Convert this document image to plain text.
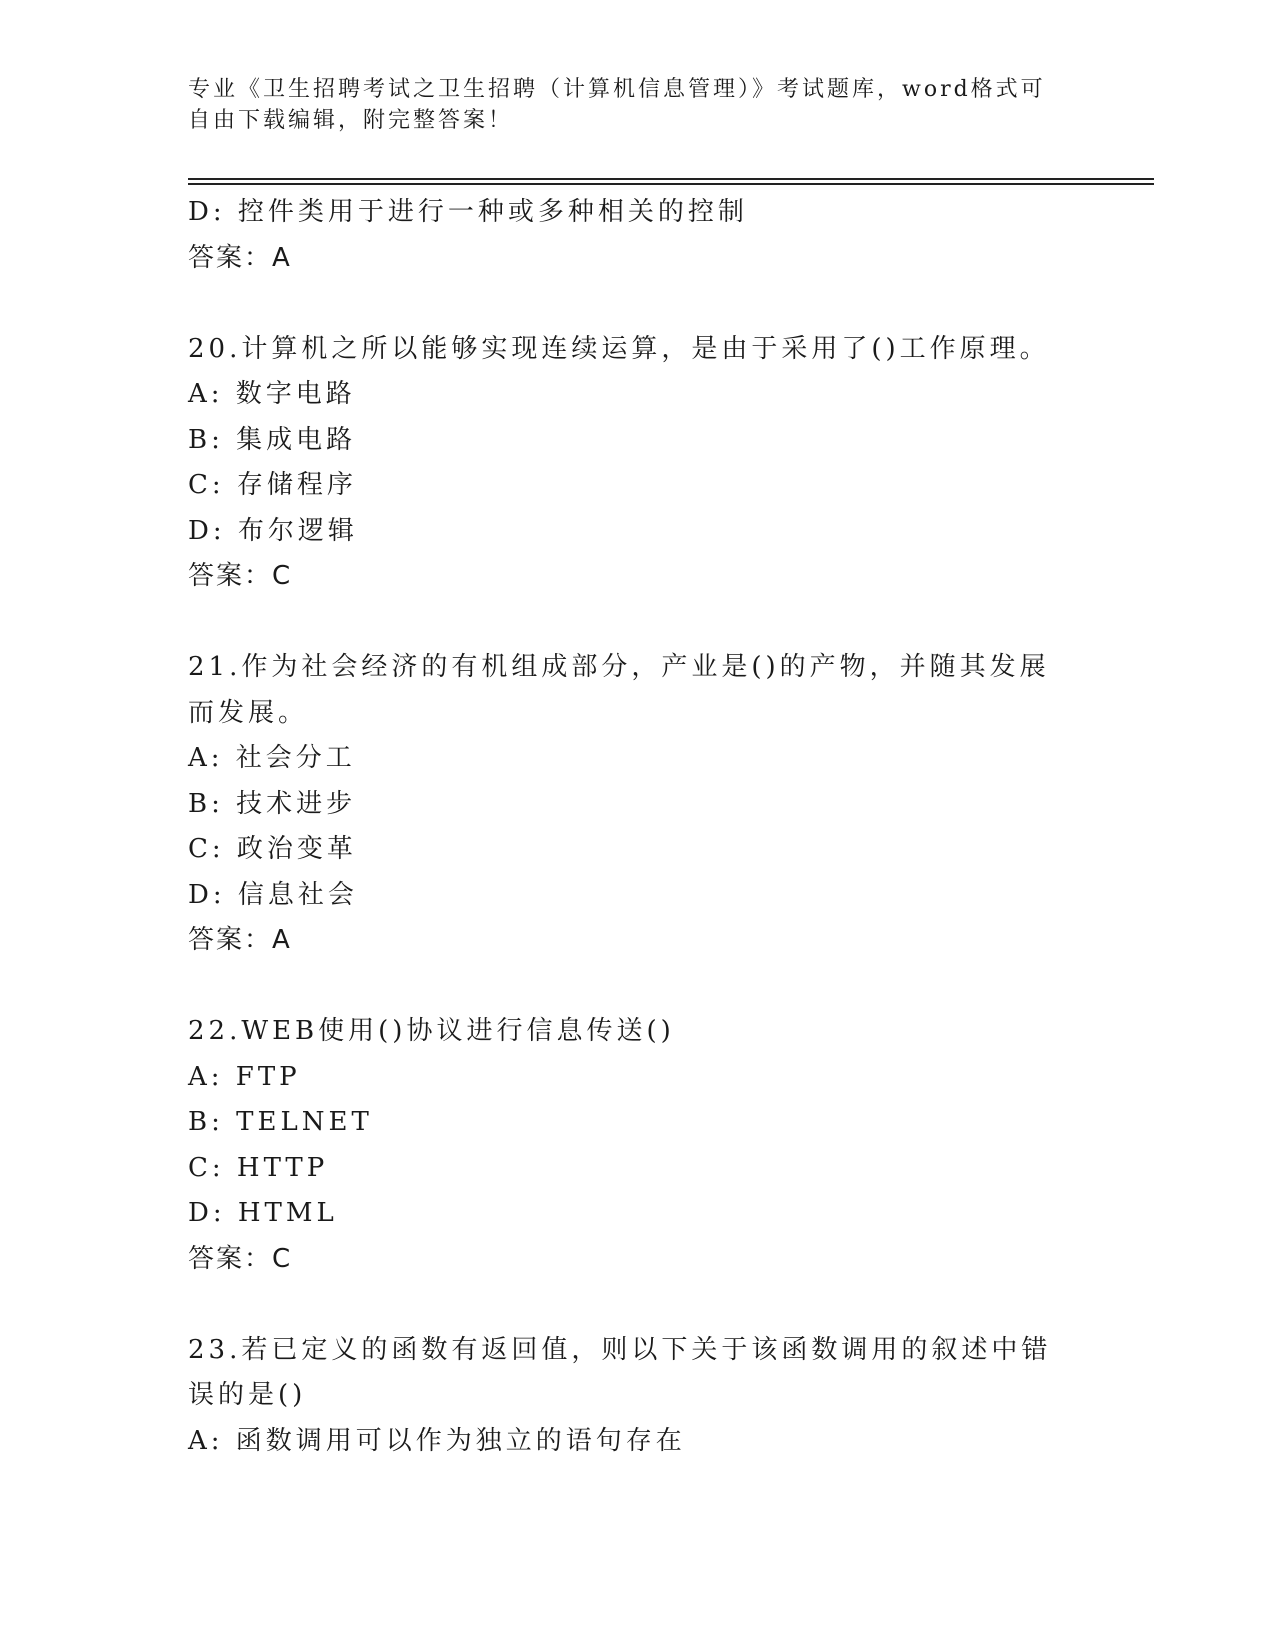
专业《卫生招聘考试之卫生招聘（计算机信息管理）》考试题库，word格式可自由下载编辑，附完整答案！
D: 控件类用于进行一种或多种相关的控制
答案：A
20.计算机之所以能够实现连续运算，是由于采用了()工作原理。
A: 数字电路
B: 集成电路
C: 存储程序
D: 布尔逻辑
答案：C
21.作为社会经济的有机组成部分，产业是()的产物，并随其发展而发展。
A: 社会分工
B: 技术进步
C: 政治变革
D: 信息社会
答案：A
22.WEB使用()协议进行信息传送()
A: FTP
B: TELNET
C: HTTP
D: HTML
答案：C
23.若已定义的函数有返回值，则以下关于该函数调用的叙述中错误的是()
A: 函数调用可以作为独立的语句存在
